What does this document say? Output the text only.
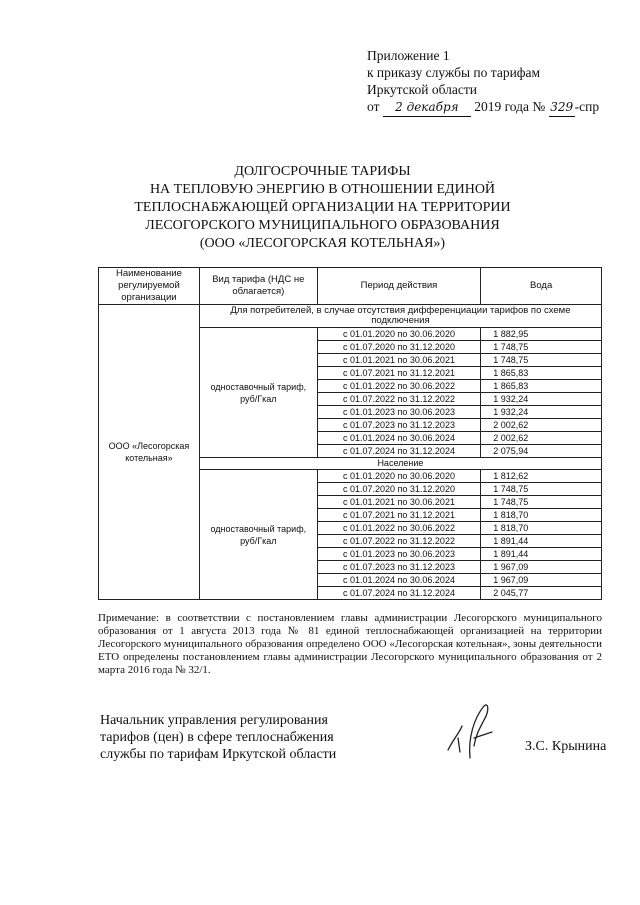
Приложение 1
к приказу службы по тарифам
Иркутской области
от 2 декабря 2019 года № 329 -спр
ДОЛГОСРОЧНЫЕ ТАРИФЫ
НА ТЕПЛОВУЮ ЭНЕРГИЮ В ОТНОШЕНИИ ЕДИНОЙ
ТЕПЛОСНАБЖАЮЩЕЙ ОРГАНИЗАЦИИ НА ТЕРРИТОРИИ
ЛЕСОГОРСКОГО МУНИЦИПАЛЬНОГО ОБРАЗОВАНИЯ
(ООО «ЛЕСОГОРСКАЯ КОТЕЛЬНАЯ»)
Наименование регулируемой организации	Вид тарифа (НДС не облагается)	Период действия	Вода
ООО «Лесогорская котельная»	Для потребителей, в случае отсутствия дифференциации тарифов по схеме подключения		
	одноставочный тариф, руб/Гкал	с 01.01.2020 по 30.06.2020	1 882,95
		с 01.07.2020 по 31.12.2020	1 748,75
		с 01.01.2021 по 30.06.2021	1 748,75
		с 01.07.2021 по 31.12.2021	1 865,83
		с 01.01.2022 по 30.06.2022	1 865,83
		с 01.07.2022 по 31.12.2022	1 932,24
		с 01.01.2023 по 30.06.2023	1 932,24
		с 01.07.2023 по 31.12.2023	2 002,62
		с 01.01.2024 по 30.06.2024	2 002,62
		с 01.07.2024 по 31.12.2024	2 075,94
	Население		
	одноставочный тариф, руб/Гкал	с 01.01.2020 по 30.06.2020	1 812,62
		с 01.07.2020 по 31.12.2020	1 748,75
		с 01.01.2021 по 30.06.2021	1 748,75
		с 01.07.2021 по 31.12.2021	1 818,70
		с 01.01.2022 по 30.06.2022	1 818,70
		с 01.07.2022 по 31.12.2022	1 891,44
		с 01.01.2023 по 30.06.2023	1 891,44
		с 01.07.2023 по 31.12.2023	1 967,09
		с 01.01.2024 по 30.06.2024	1 967,09
		с 01.07.2024 по 31.12.2024	2 045,77
Примечание: в соответствии с постановлением главы администрации Лесогорского муниципального образования от 1 августа 2013 года № 81 единой теплоснабжающей организацией на территории Лесогорского муниципального образования определено ООО «Лесогорская котельная», зоны деятельности ЕТО определены постановлением главы администрации Лесогорского муниципального образования от 2 марта 2016 года № 32/1.
Начальник управления регулирования
тарифов (цен) в сфере теплоснабжения
службы по тарифам Иркутской области
З.С. Крынина
